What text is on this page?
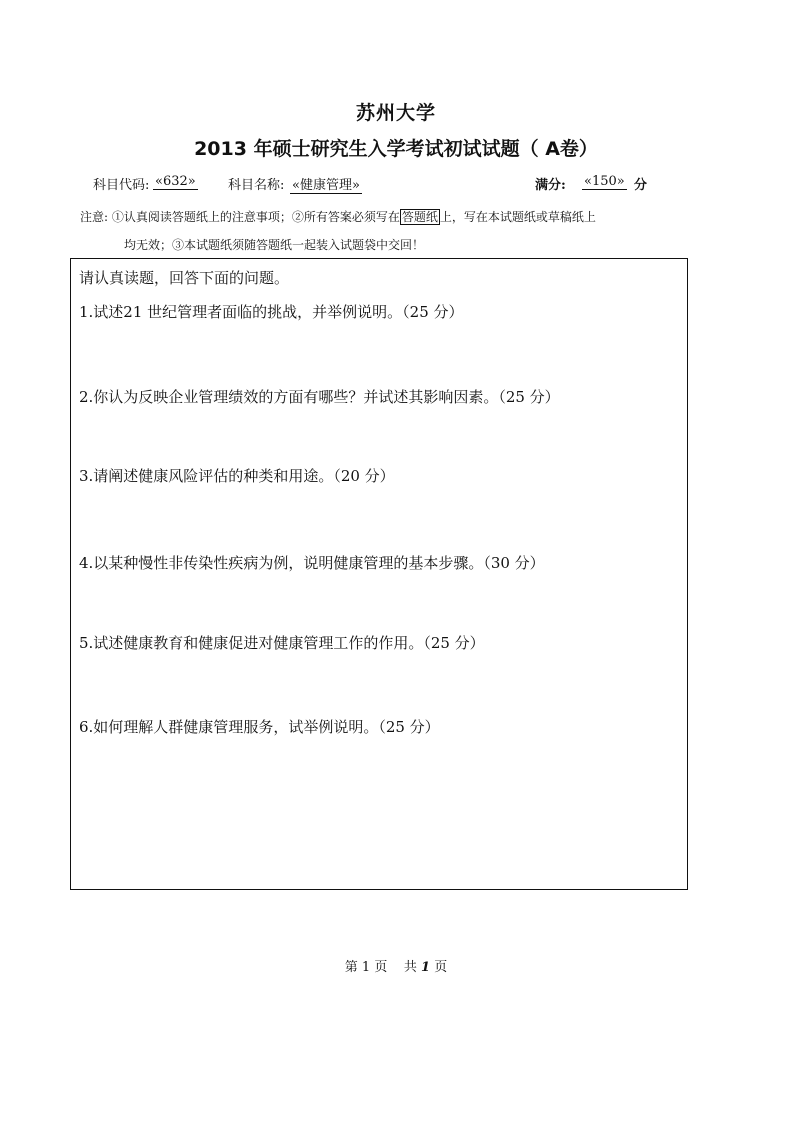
苏州大学
2013 年硕士研究生入学考试初试试题（ A卷）
科目代码: «632»	科目名称: «健康管理»	满分: «150» 分
注意: ①认真阅读答题纸上的注意事项；②所有答案必须写在 答题纸 上，写在本试题纸或草稿纸上
均无效；③本试题纸须随答题纸一起装入试题袋中交回！
请认真读题，回答下面的问题。
1.试述21 世纪管理者面临的挑战，并举例说明。（25 分）
2.你认为反映企业管理绩效的方面有哪些？并试述其影响因素。（25 分）
3.请阐述健康风险评估的种类和用途。（20 分）
4.以某种慢性非传染性疾病为例，说明健康管理的基本步骤。（30 分）
5.试述健康教育和健康促进对健康管理工作的作用。（25 分）
6.如何理解人群健康管理服务，试举例说明。（25 分）
第 1 页 共 1 页
